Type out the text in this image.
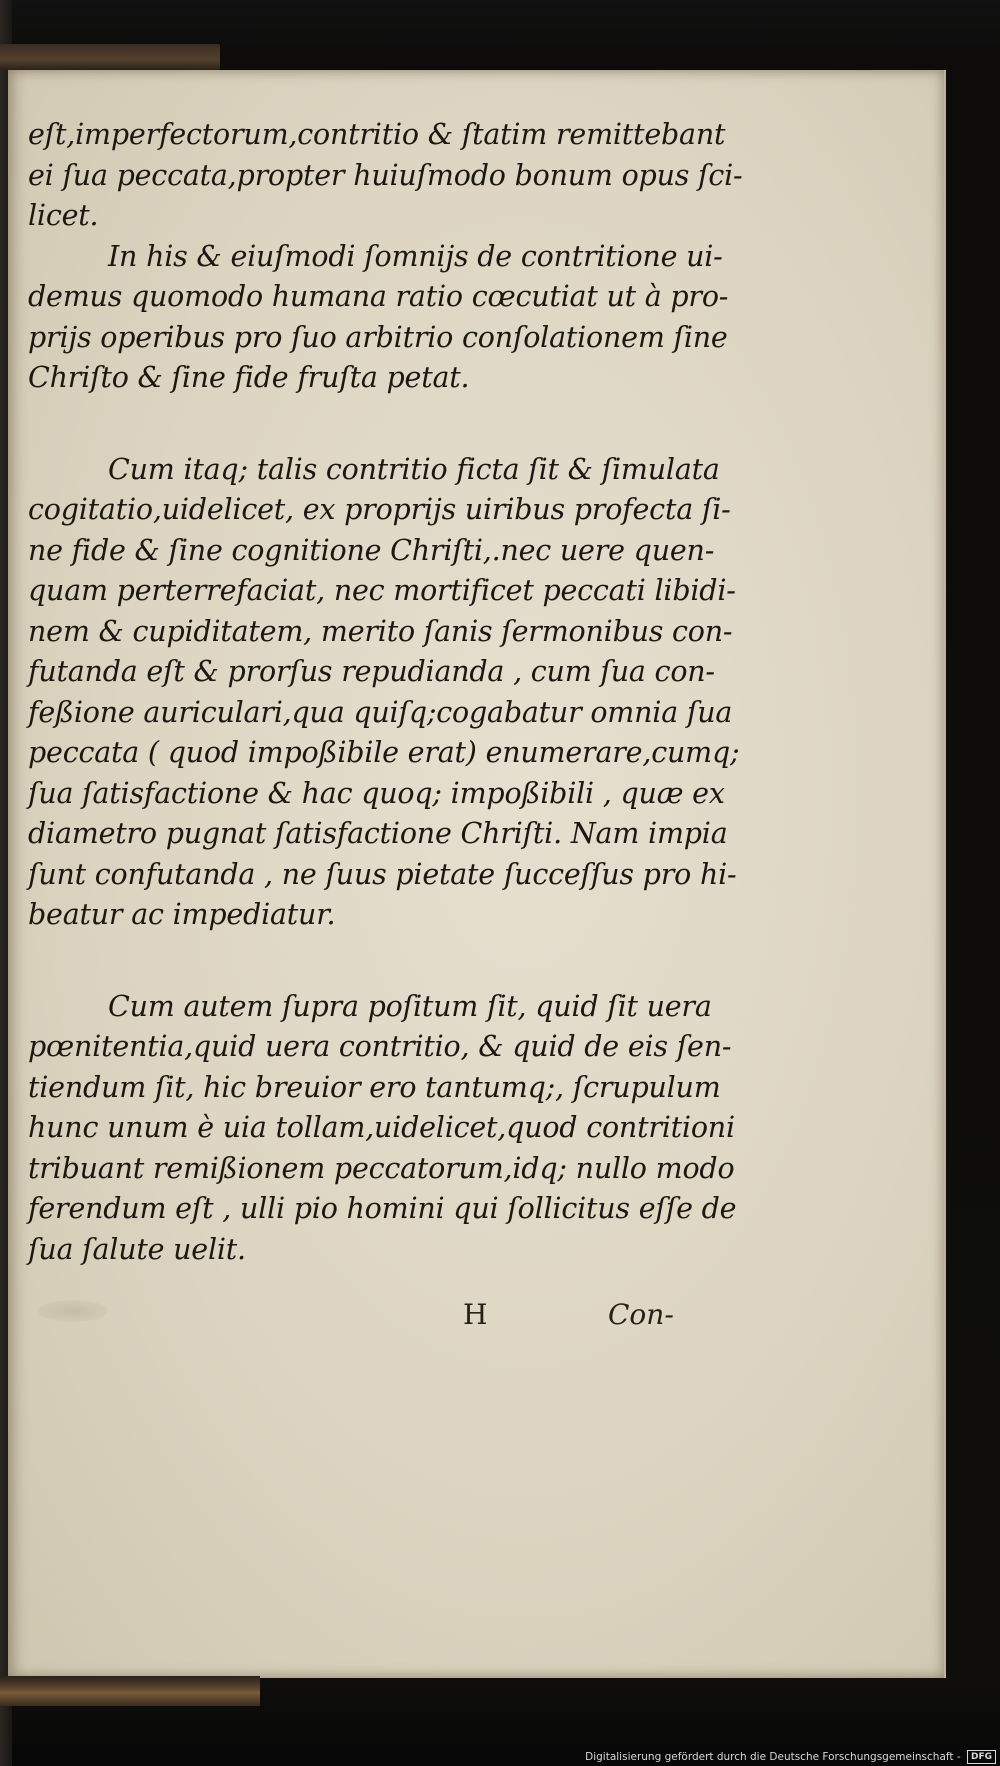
eſt,imperfectorum,contritio & ſtatim remittebant
ei ſua peccata,propter huiuſmodo bonum opus ſci-
licet.
In his & eiuſmodi ſomnijs de contritione ui-
demus quomodo humana ratio cœcutiat ut à pro-
prijs operibus pro ſuo arbitrio conſolationem ſine
Chriſto & ſine fide fruſta petat.
Cum itaq; talis contritio ficta ſit & ſimulata
cogitatio,uidelicet, ex proprijs uiribus profecta ſi-
ne fide & ſine cognitione Chriſti,.nec uere quen-
quam perterrefaciat, nec mortificet peccati libidi-
nem & cupiditatem, merito ſanis ſermonibus con-
futanda eſt & prorſus repudianda , cum ſua con-
feßione auriculari,qua quiſq;cogabatur omnia ſua
peccata ( quod impoßibile erat) enumerare,cumq;
ſua ſatisfactione & hac quoq; impoßibili , quæ ex
diametro pugnat ſatisfactione Chriſti. Nam impia
ſunt confutanda , ne ſuus pietate ſucceſſus pro hi-
beatur ac impediatur.
Cum autem ſupra poſitum ſit, quid ſit uera
pœnitentia,quid uera contritio, & quid de eis ſen-
tiendum ſit, hic breuior ero tantumq;, ſcrupulum
hunc unum è uia tollam,uidelicet,quod contritioni
tribuant remißionem peccatorum,idq; nullo modo
ferendum eſt , ulli pio homini qui ſollicitus eſſe de
ſua ſalute uelit.
H	Con-
Digitalisierung gefördert durch die Deutsche Forschungsgemeinschaft - DFG
